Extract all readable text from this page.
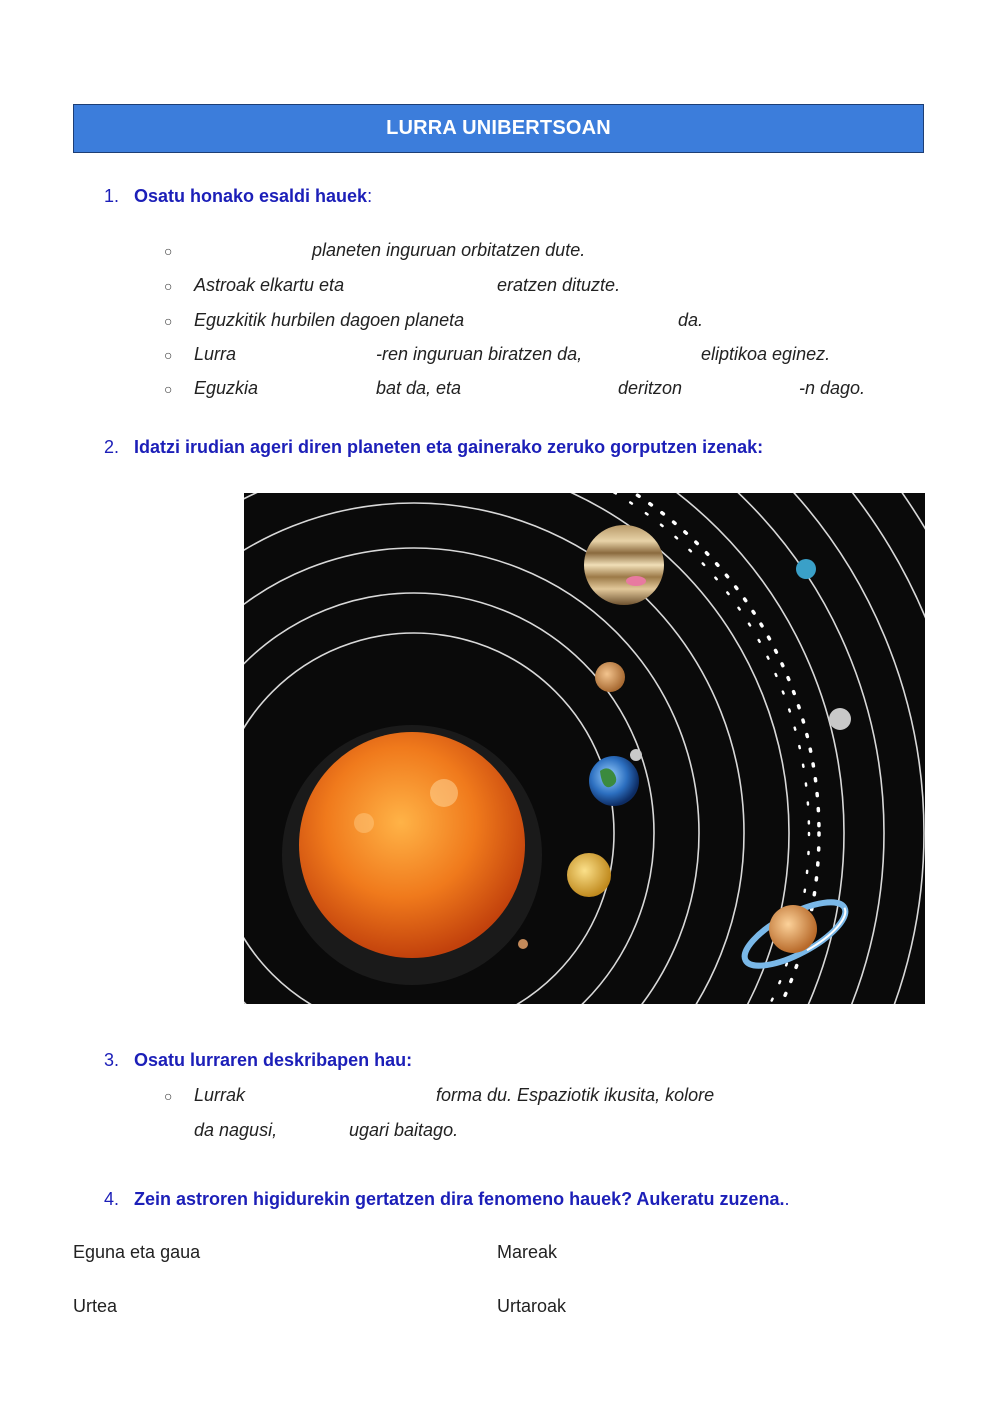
LURRA UNIBERTSOAN
1. Osatu honako esaldi hauek:
○	planeten inguruan orbitatzen dute.
○ Astroak elkartu eta	eratzen dituzte.
○ Eguzkitik hurbilen dagoen planeta	da.
○ Lurra	-ren inguruan biratzen da,	eliptikoa eginez.
○ Eguzkia	bat da, eta	deritzon	-n dago.
2. Idatzi irudian ageri diren planeten eta gainerako zeruko gorputzen izenak:
3. Osatu lurraren deskribapen hau:
○ Lurrak	forma du. Espaziotik ikusita, kolore
da nagusi,	ugari baitago.
4. Zein astroren higidurekin gertatzen dira fenomeno hauek? Aukeratu zuzena..
Eguna eta gaua	Mareak
Urtea	Urtaroak
